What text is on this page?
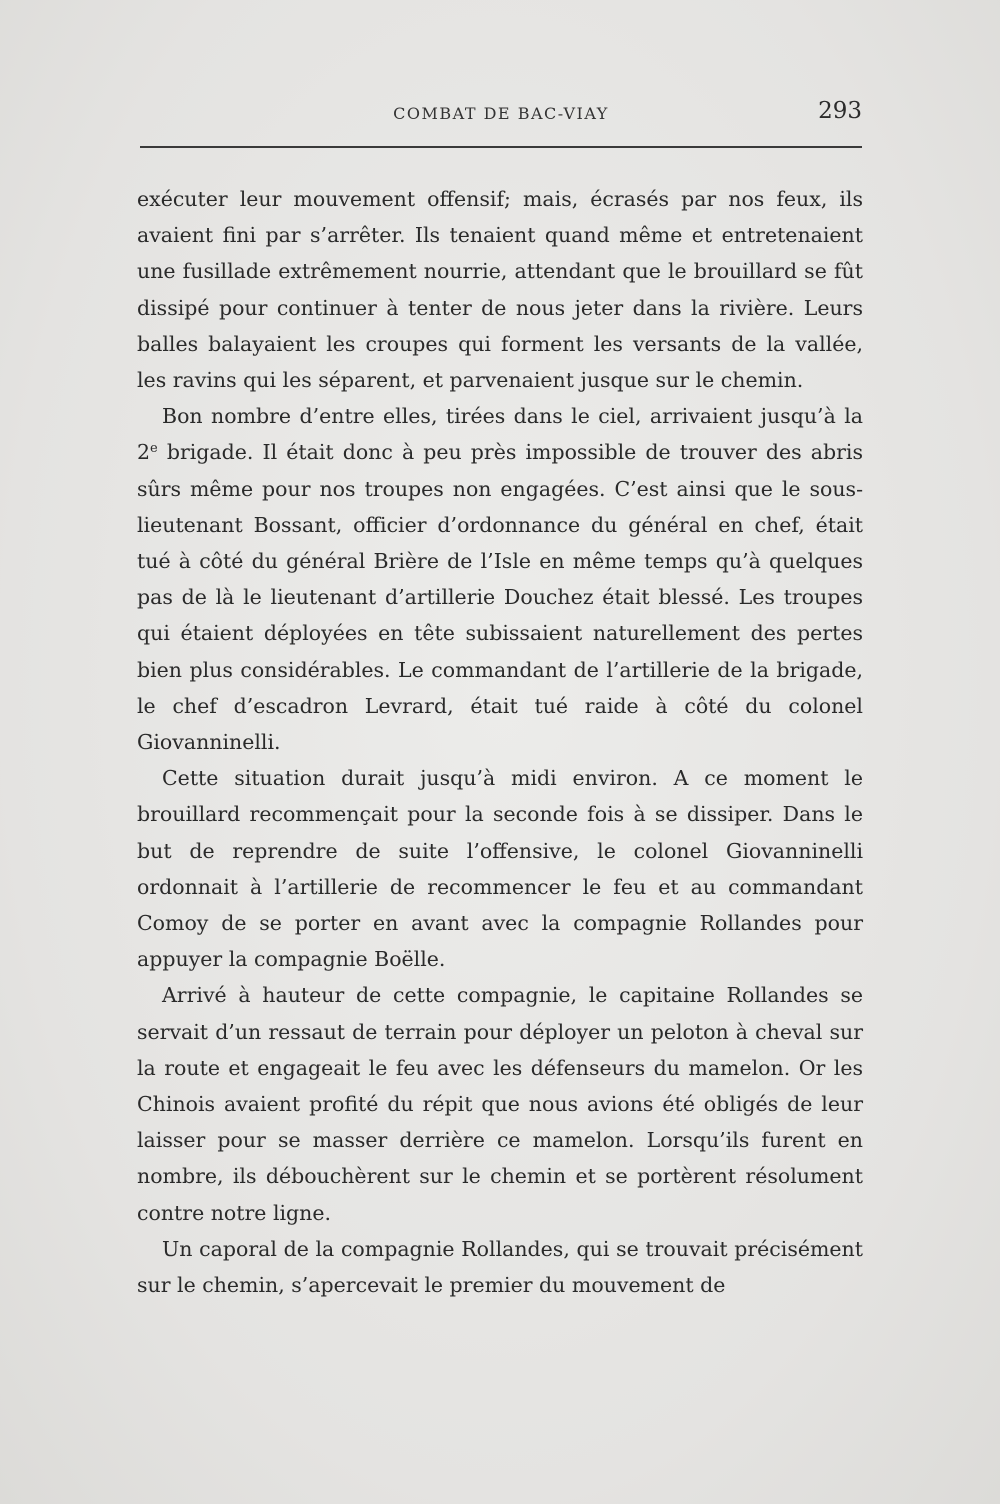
COMBAT DE BAC-VIAY	293

exécuter leur mouvement offensif; mais, écrasés par nos feux, ils avaient fini par s’arrêter. Ils tenaient quand même et entretenaient une fusillade extrêmement nourrie, attendant que le brouillard se fût dissipé pour continuer à tenter de nous jeter dans la rivière. Leurs balles balayaient les croupes qui forment les versants de la vallée, les ravins qui les séparent, et parvenaient jusque sur le chemin.

Bon nombre d’entre elles, tirées dans le ciel, arrivaient jusqu’à la 2e brigade. Il était donc à peu près impossible de trouver des abris sûrs même pour nos troupes non engagées. C’est ainsi que le sous-lieutenant Bossant, officier d’ordonnance du général en chef, était tué à côté du général Brière de l’Isle en même temps qu’à quelques pas de là le lieutenant d’artillerie Douchez était blessé. Les troupes qui étaient déployées en tête subissaient naturellement des pertes bien plus considérables. Le commandant de l’artillerie de la brigade, le chef d’escadron Levrard, était tué raide à côté du colonel Giovanninelli.

Cette situation durait jusqu’à midi environ. A ce moment le brouillard recommençait pour la seconde fois à se dissiper. Dans le but de reprendre de suite l’offensive, le colonel Giovanninelli ordonnait à l’artillerie de recommencer le feu et au commandant Comoy de se porter en avant avec la compagnie Rollandes pour appuyer la compagnie Boëlle.

Arrivé à hauteur de cette compagnie, le capitaine Rollandes se servait d’un ressaut de terrain pour déployer un peloton à cheval sur la route et engageait le feu avec les défenseurs du mamelon. Or les Chinois avaient profité du répit que nous avions été obligés de leur laisser pour se masser derrière ce mamelon. Lorsqu’ils furent en nombre, ils débouchèrent sur le chemin et se portèrent résolument contre notre ligne.

Un caporal de la compagnie Rollandes, qui se trouvait précisément sur le chemin, s’apercevait le premier du mouvement de
